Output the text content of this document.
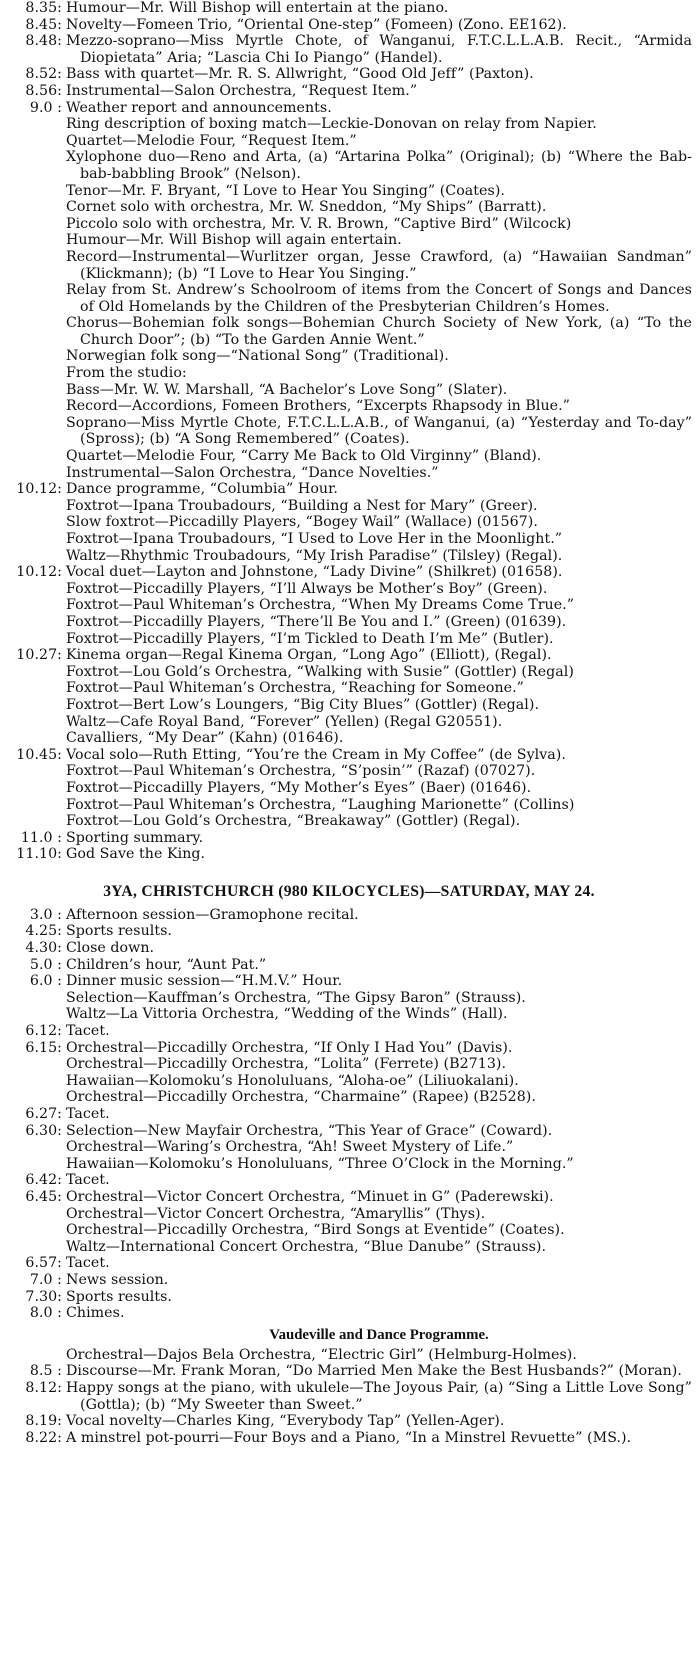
8.35: Humour—Mr. Will Bishop will entertain at the piano.
8.45: Novelty—Fomeen Trio, “Oriental One-step” (Fomeen) (Zono. EE162).
8.48: Mezzo-soprano—Miss Myrtle Chote, of Wanganui, F.T.C.L.L.A.B. Recit., “Armida Diopietata” Aria; “Lascia Chi Io Piango” (Handel).
8.52: Bass with quartet—Mr. R. S. Allwright, “Good Old Jeff” (Paxton).
8.56: Instrumental—Salon Orchestra, “Request Item.”
9.0 : Weather report and announcements.
Ring description of boxing match—Leckie-Donovan on relay from Napier.
Quartet—Melodie Four, “Request Item.”
Xylophone duo—Reno and Arta, (a) “Artarina Polka” (Original); (b) “Where the Bab-bab-babbling Brook” (Nelson).
Tenor—Mr. F. Bryant, “I Love to Hear You Singing” (Coates).
Cornet solo with orchestra, Mr. W. Sneddon, “My Ships” (Barratt).
Piccolo solo with orchestra, Mr. V. R. Brown, “Captive Bird” (Wilcock)
Humour—Mr. Will Bishop will again entertain.
Record—Instrumental—Wurlitzer organ, Jesse Crawford, (a) “Hawaiian Sandman” (Klickmann); (b) “I Love to Hear You Singing.”
Relay from St. Andrew’s Schoolroom of items from the Concert of Songs and Dances of Old Homelands by the Children of the Presbyterian Children’s Homes.
Chorus—Bohemian folk songs—Bohemian Church Society of New York, (a) “To the Church Door”; (b) “To the Garden Annie Went.”
Norwegian folk song—“National Song” (Traditional).
From the studio:
Bass—Mr. W. W. Marshall, “A Bachelor’s Love Song” (Slater).
Record—Accordions, Fomeen Brothers, “Excerpts Rhapsody in Blue.”
Soprano—Miss Myrtle Chote, F.T.C.L.L.A.B., of Wanganui, (a) “Yesterday and To-day” (Spross); (b) “A Song Remembered” (Coates).
Quartet—Melodie Four, “Carry Me Back to Old Virginny” (Bland).
Instrumental—Salon Orchestra, “Dance Novelties.”
10.12: Dance programme, “Columbia” Hour.
Foxtrot—Ipana Troubadours, “Building a Nest for Mary” (Greer).
Slow foxtrot—Piccadilly Players, “Bogey Wail” (Wallace) (01567).
Foxtrot—Ipana Troubadours, “I Used to Love Her in the Moonlight.”
Waltz—Rhythmic Troubadours, “My Irish Paradise” (Tilsley) (Regal).
10.12: Vocal duet—Layton and Johnstone, “Lady Divine” (Shilkret) (01658).
Foxtrot—Piccadilly Players, “I’ll Always be Mother’s Boy” (Green).
Foxtrot—Paul Whiteman’s Orchestra, “When My Dreams Come True.”
Foxtrot—Piccadilly Players, “There’ll Be You and I.” (Green) (01639).
Foxtrot—Piccadilly Players, “I’m Tickled to Death I’m Me” (Butler).
10.27: Kinema organ—Regal Kinema Organ, “Long Ago” (Elliott), (Regal).
Foxtrot—Lou Gold’s Orchestra, “Walking with Susie” (Gottler) (Regal)
Foxtrot—Paul Whiteman’s Orchestra, “Reaching for Someone.”
Foxtrot—Bert Low’s Loungers, “Big City Blues” (Gottler) (Regal).
Waltz—Cafe Royal Band, “Forever” (Yellen) (Regal G20551).
Cavalliers, “My Dear” (Kahn) (01646).
10.45: Vocal solo—Ruth Etting, “You’re the Cream in My Coffee” (de Sylva).
Foxtrot—Paul Whiteman’s Orchestra, “S’posin’” (Razaf) (07027).
Foxtrot—Piccadilly Players, “My Mother’s Eyes” (Baer) (01646).
Foxtrot—Paul Whiteman’s Orchestra, “Laughing Marionette” (Collins)
Foxtrot—Lou Gold’s Orchestra, “Breakaway” (Gottler) (Regal).
11.0 : Sporting summary.
11.10: God Save the King.
3YA, CHRISTCHURCH (980 KILOCYCLES)—SATURDAY, MAY 24.
3.0 : Afternoon session—Gramophone recital.
4.25: Sports results.
4.30: Close down.
5.0 : Children’s hour, “Aunt Pat.”
6.0 : Dinner music session—“H.M.V.” Hour.
Selection—Kauffman’s Orchestra, “The Gipsy Baron” (Strauss).
Waltz—La Vittoria Orchestra, “Wedding of the Winds” (Hall).
6.12: Tacet.
6.15: Orchestral—Piccadilly Orchestra, “If Only I Had You” (Davis).
Orchestral—Piccadilly Orchestra, “Lolita” (Ferrete) (B2713).
Hawaiian—Kolomoku’s Honoluluans, “Aloha-oe” (Liliuokalani).
Orchestral—Piccadilly Orchestra, “Charmaine” (Rapee) (B2528).
6.27: Tacet.
6.30: Selection—New Mayfair Orchestra, “This Year of Grace” (Coward).
Orchestral—Waring’s Orchestra, “Ah! Sweet Mystery of Life.”
Hawaiian—Kolomoku’s Honoluluans, “Three O’Clock in the Morning.”
6.42: Tacet.
6.45: Orchestral—Victor Concert Orchestra, “Minuet in G” (Paderewski).
Orchestral—Victor Concert Orchestra, “Amaryllis” (Thys).
Orchestral—Piccadilly Orchestra, “Bird Songs at Eventide” (Coates).
Waltz—International Concert Orchestra, “Blue Danube” (Strauss).
6.57: Tacet.
7.0 : News session.
7.30: Sports results.
8.0 : Chimes.
Vaudeville and Dance Programme.
Orchestral—Dajos Bela Orchestra, “Electric Girl” (Helmburg-Holmes).
8.5 : Discourse—Mr. Frank Moran, “Do Married Men Make the Best Husbands?” (Moran).
8.12: Happy songs at the piano, with ukulele—The Joyous Pair, (a) “Sing a Little Love Song” (Gottla); (b) “My Sweeter than Sweet.”
8.19: Vocal novelty—Charles King, “Everybody Tap” (Yellen-Ager).
8.22: A minstrel pot-pourri—Four Boys and a Piano, “In a Minstrel Revuette” (MS.).
